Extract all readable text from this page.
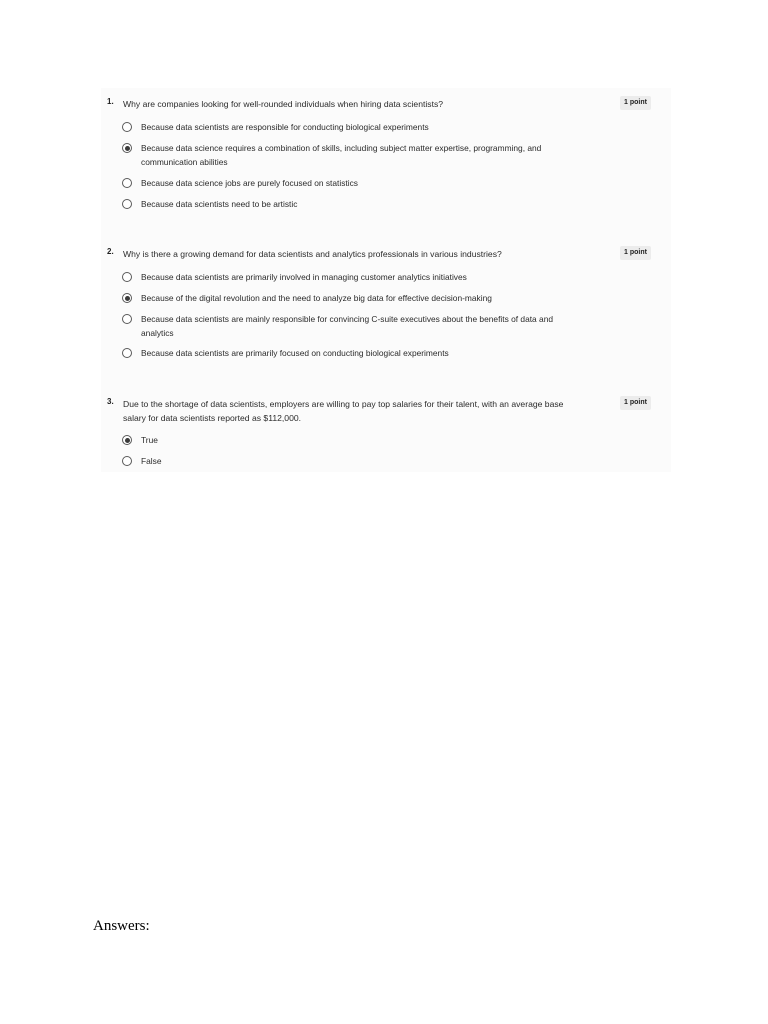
1. Why are companies looking for well-rounded individuals when hiring data scientists?	1 point
Because data scientists are responsible for conducting biological experiments
Because data science requires a combination of skills, including subject matter expertise, programming, and communication abilities
Because data science jobs are purely focused on statistics
Because data scientists need to be artistic
2. Why is there a growing demand for data scientists and analytics professionals in various industries?	1 point
Because data scientists are primarily involved in managing customer analytics initiatives
Because of the digital revolution and the need to analyze big data for effective decision-making
Because data scientists are mainly responsible for convincing C-suite executives about the benefits of data and analytics
Because data scientists are primarily focused on conducting biological experiments
3. Due to the shortage of data scientists, employers are willing to pay top salaries for their talent, with an average base salary for data scientists reported as $112,000.
1 point
True
False
Answers:
